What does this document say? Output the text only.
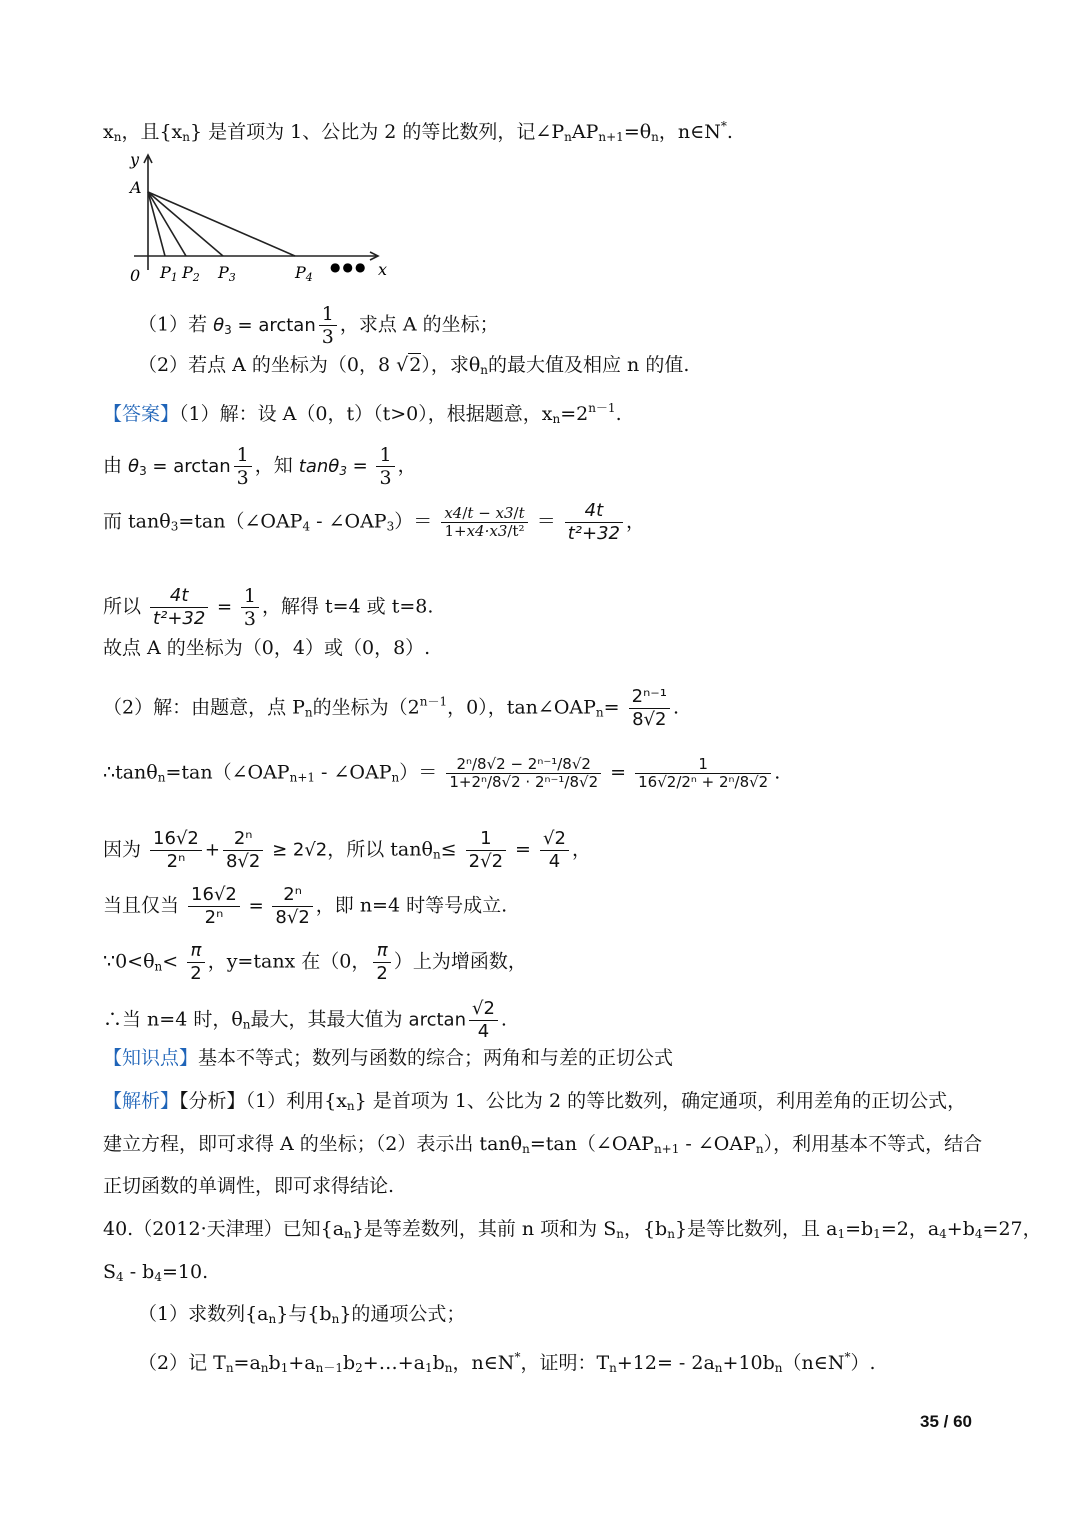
$x_n$，且$\{x_n\}$ 是首项为 1、公比为 2 的等比数列，记$\angle P_nAP_{n+1}=\theta_n$，n∈N*.
y
A
0	x
P1 P2 P3	P4
●●●
（1）若 $\theta_3 = \arctan \frac{1}{3}$ ，求点 A 的坐标；
（2）若点 A 的坐标为（0，8 √2），求$\theta_n$的最大值及相应 n 的值.
【答案】（1）解：设 A（0，t）（t>0），根据题意，$x_n=2^{n-1}$.
由 $\theta_3 = \arctan \frac{1}{3}$ ，知 $\tan\theta_3 = \frac{1}{3}$ ，
而 $\tan\theta_3=\tan(\angle OAP_4$ - $\angle OAP_3)= \frac{x4/t - x3/t}{\text{1+x4·x3/t²}} = \frac{4t}{\text{t²+32}}$ ，
所以 $\frac{4t}{\text{t²+32}} = \frac{1}{3}$ ，解得 t=4 或 t=8.
故点 A 的坐标为（0，4）或（0，8）.
（2）解：由题意，点 $P_n$的坐标为（$2^{n-1}$，0），$\tan\angle OAP_n= \frac{\text{2ⁿ⁻¹}}{8√2}$ .
$\therefore\tan\theta_n=\tan(\angle OAP_{n+1}$ - $\angle OAP_n)= \frac{\text{2ⁿ/8√2 − 2ⁿ⁻¹/8√2}}{\text{1+2ⁿ/8√2 · 2ⁿ⁻¹/8√2}} = \frac{1}{\text{16√2/2ⁿ + 2ⁿ/8√2}}$ .
因为 $\frac{16√2}{\text{2ⁿ}} + \frac{\text{2ⁿ}}{8√2} \ge 2√2$，所以 $\tan\theta_n\le \frac{1}{2√2} = \frac{√2}{4}$ ，
当且仅当 $\frac{16√2}{\text{2ⁿ}} = \frac{\text{2ⁿ}}{8√2}$ ，即 n=4 时等号成立.
$\because 0<\theta_n< \frac{\pi}{2}$ ，y=tanx 在（0， $\frac{\pi}{2}$ ）上为增函数，
∴当 n=4 时，$\theta_n$最大，其最大值为 $\arctan \frac{√2}{4}$ .
【知识点】基本不等式；数列与函数的综合；两角和与差的正切公式
【解析】【分析】（1）利用$\{x_n\}$ 是首项为 1、公比为 2 的等比数列，确定通项，利用差角的正切公式，
建立方程，即可求得 A 的坐标；（2）表示出 $\tan\theta_n=\tan(\angle OAP_{n+1}$ - $\angle OAP_n$），利用基本不等式，结合
正切函数的单调性，即可求得结论.
40.（2012·天津理）已知$\{a_n\}$是等差数列，其前 n 项和为 $S_n$，$\{b_n\}$是等比数列，且 $a_1=b_1=2$，$a_4+b_4=27$，
$S_4 - b_4=10$.
（1）求数列$\{a_n\}$与$\{b_n\}$的通项公式；
（2）记 $T_n=a_nb_1+a_{n-1}b_2+\dots+a_1b_n$，n∈N*，证明：$T_n+12=$ - $2a_n+10b_n(n\in N^*)$.
35 / 60
